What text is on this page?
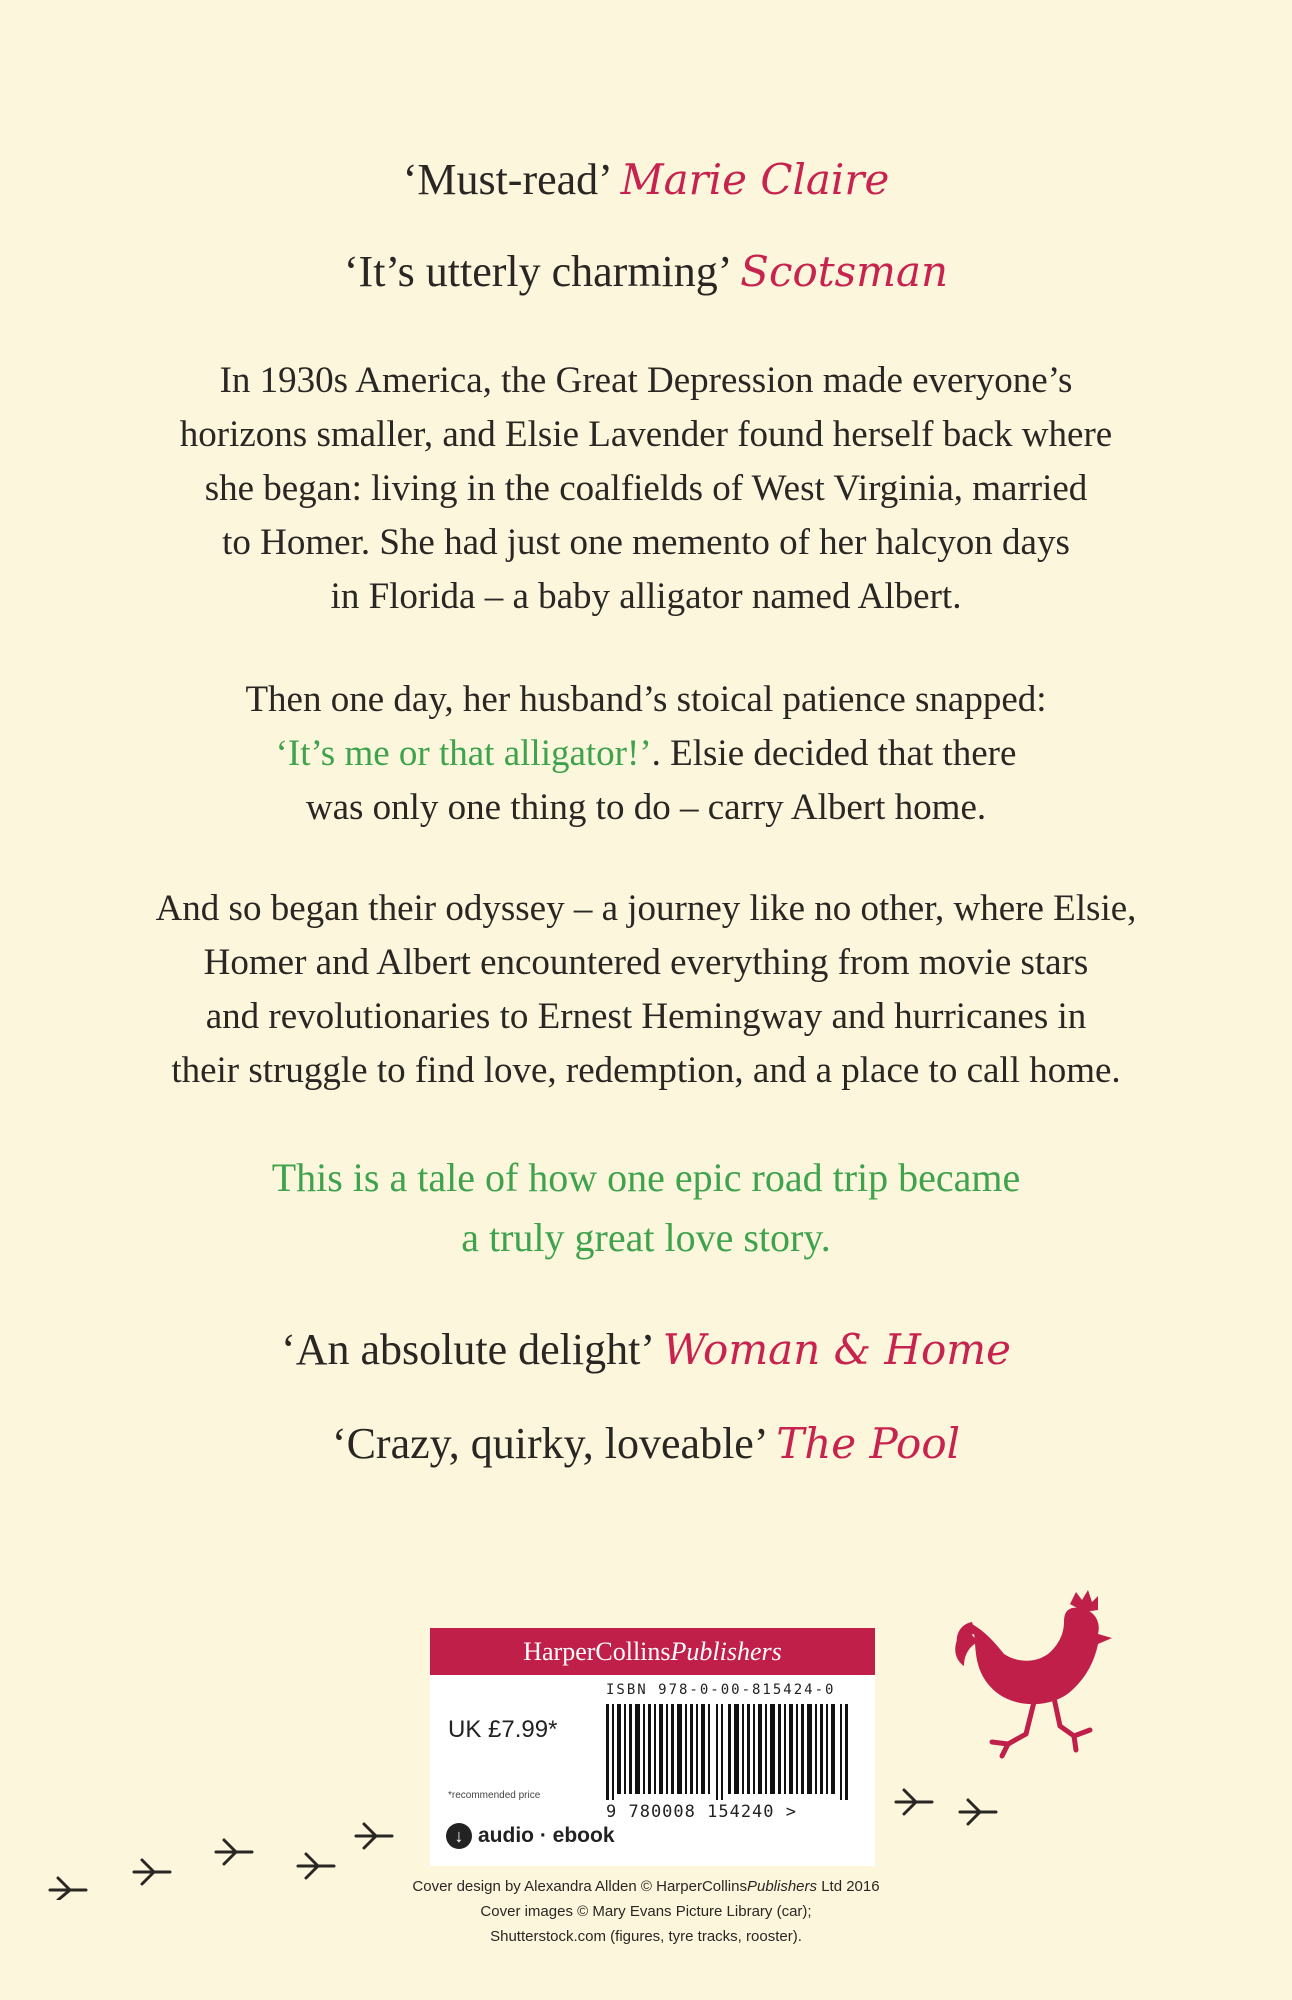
‘Must-read’ Marie Claire
‘It’s utterly charming’ Scotsman
In 1930s America, the Great Depression made everyone’s
horizons smaller, and Elsie Lavender found herself back where
she began: living in the coalfields of West Virginia, married
to Homer. She had just one memento of her halcyon days
in Florida – a baby alligator named Albert.
Then one day, her husband’s stoical patience snapped:
‘It’s me or that alligator!’. Elsie decided that there
was only one thing to do – carry Albert home.
And so began their odyssey – a journey like no other, where Elsie,
Homer and Albert encountered everything from movie stars
and revolutionaries to Ernest Hemingway and hurricanes in
their struggle to find love, redemption, and a place to call home.
This is a tale of how one epic road trip became
a truly great love story.
‘An absolute delight’ Woman & Home
‘Crazy, quirky, loveable’ The Pool
HarperCollinsPublishers
ISBN 978-0-00-815424-0
UK £7.99*
*recommended price
↓ audio · ebook
9 780008 154240 >
Cover design by Alexandra Allden © HarperCollinsPublishers Ltd 2016
Cover images © Mary Evans Picture Library (car);
Shutterstock.com (figures, tyre tracks, rooster).
